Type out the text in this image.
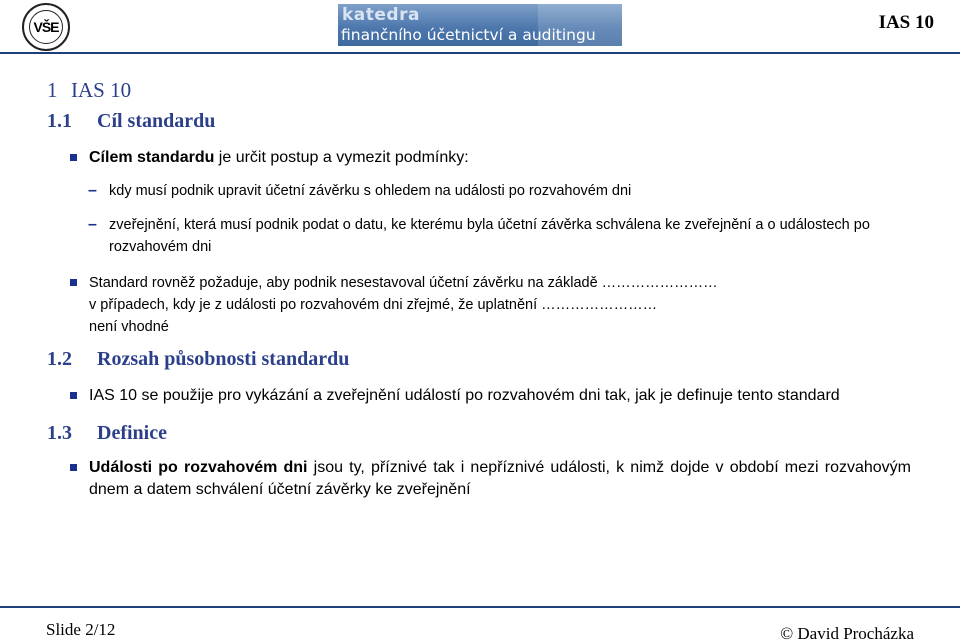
VŠE
katedra
finančního účetnictví a auditingu
IAS 10
1 IAS 10
1.1 Cíl standardu
Cílem standardu je určit postup a vymezit podmínky:
– kdy musí podnik upravit účetní závěrku s ohledem na události po rozvahovém dni
– zveřejnění, která musí podnik podat o datu, ke kterému byla účetní závěrka schválena ke zveřejnění a o událostech po rozvahovém dni
Standard rovněž požaduje, aby podnik nesestavoval účetní závěrku na základě ……………………
v případech, kdy je z události po rozvahovém dni zřejmé, že uplatnění ……………………
není vhodné
1.2 Rozsah působnosti standardu
IAS 10 se použije pro vykázání a zveřejnění událostí po rozvahovém dni tak, jak je definuje tento standard
1.3 Definice
Události po rozvahovém dni jsou ty, příznivé tak i nepříznivé události, k nimž dojde v období mezi rozvahovým dnem a datem schválení účetní závěrky ke zveřejnění
Slide 2/12	© David Procházka
